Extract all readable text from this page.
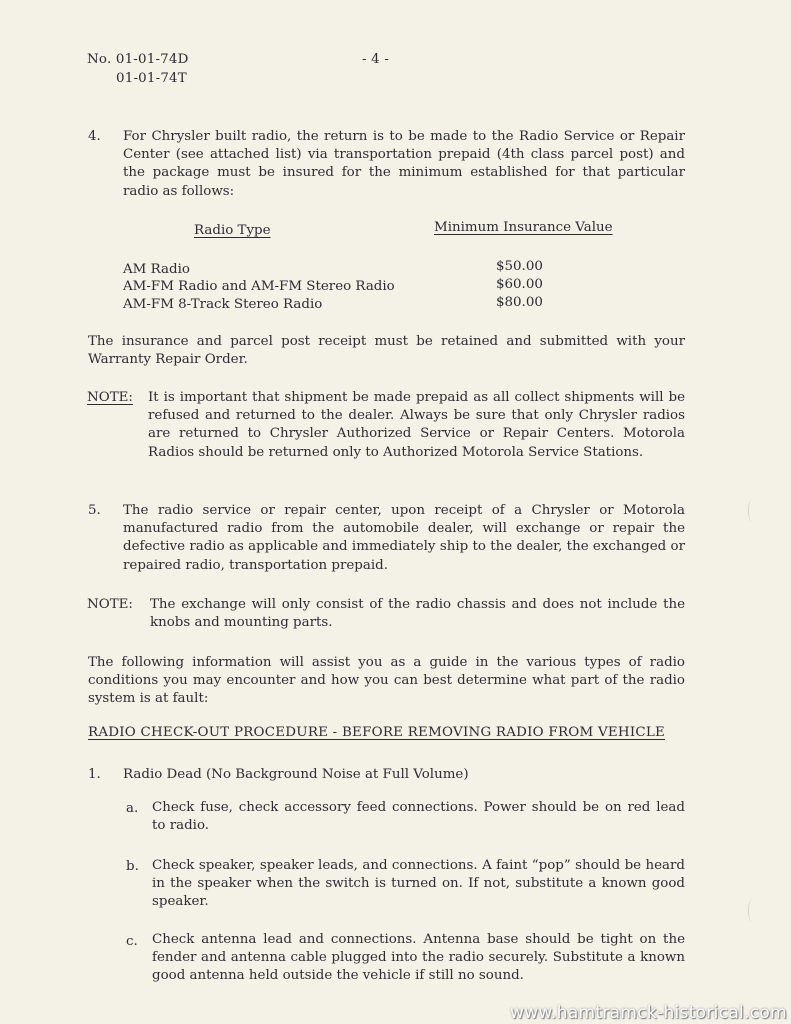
No. 01-01-74D
01-01-74T
- 4 -
4. For Chrysler built radio, the return is to be made to the Radio Service or Repair Center (see attached list) via transportation prepaid (4th class parcel post) and the package must be insured for the minimum established for that particular radio as follows:
Radio Type	Minimum Insurance Value
AM Radio	$50.00
AM-FM Radio and AM-FM Stereo Radio	$60.00
AM-FM 8-Track Stereo Radio	$80.00
The insurance and parcel post receipt must be retained and submitted with your Warranty Repair Order.
NOTE: It is important that shipment be made prepaid as all collect shipments will be refused and returned to the dealer. Always be sure that only Chrysler radios are returned to Chrysler Authorized Service or Repair Centers. Motorola Radios should be returned only to Authorized Motorola Service Stations.
5. The radio service or repair center, upon receipt of a Chrysler or Motorola manufactured radio from the automobile dealer, will exchange or repair the defective radio as applicable and immediately ship to the dealer, the exchanged or repaired radio, transportation prepaid.
NOTE: The exchange will only consist of the radio chassis and does not include the knobs and mounting parts.
The following information will assist you as a guide in the various types of radio conditions you may encounter and how you can best determine what part of the radio system is at fault:
RADIO CHECK-OUT PROCEDURE - BEFORE REMOVING RADIO FROM VEHICLE
1. Radio Dead (No Background Noise at Full Volume)
a. Check fuse, check accessory feed connections. Power should be on red lead to radio.
b. Check speaker, speaker leads, and connections. A faint “pop” should be heard in the speaker when the switch is turned on. If not, substitute a known good speaker.
c. Check antenna lead and connections. Antenna base should be tight on the fender and antenna cable plugged into the radio securely. Substitute a known good antenna held outside the vehicle if still no sound.
www.hamtramck-historical.com
